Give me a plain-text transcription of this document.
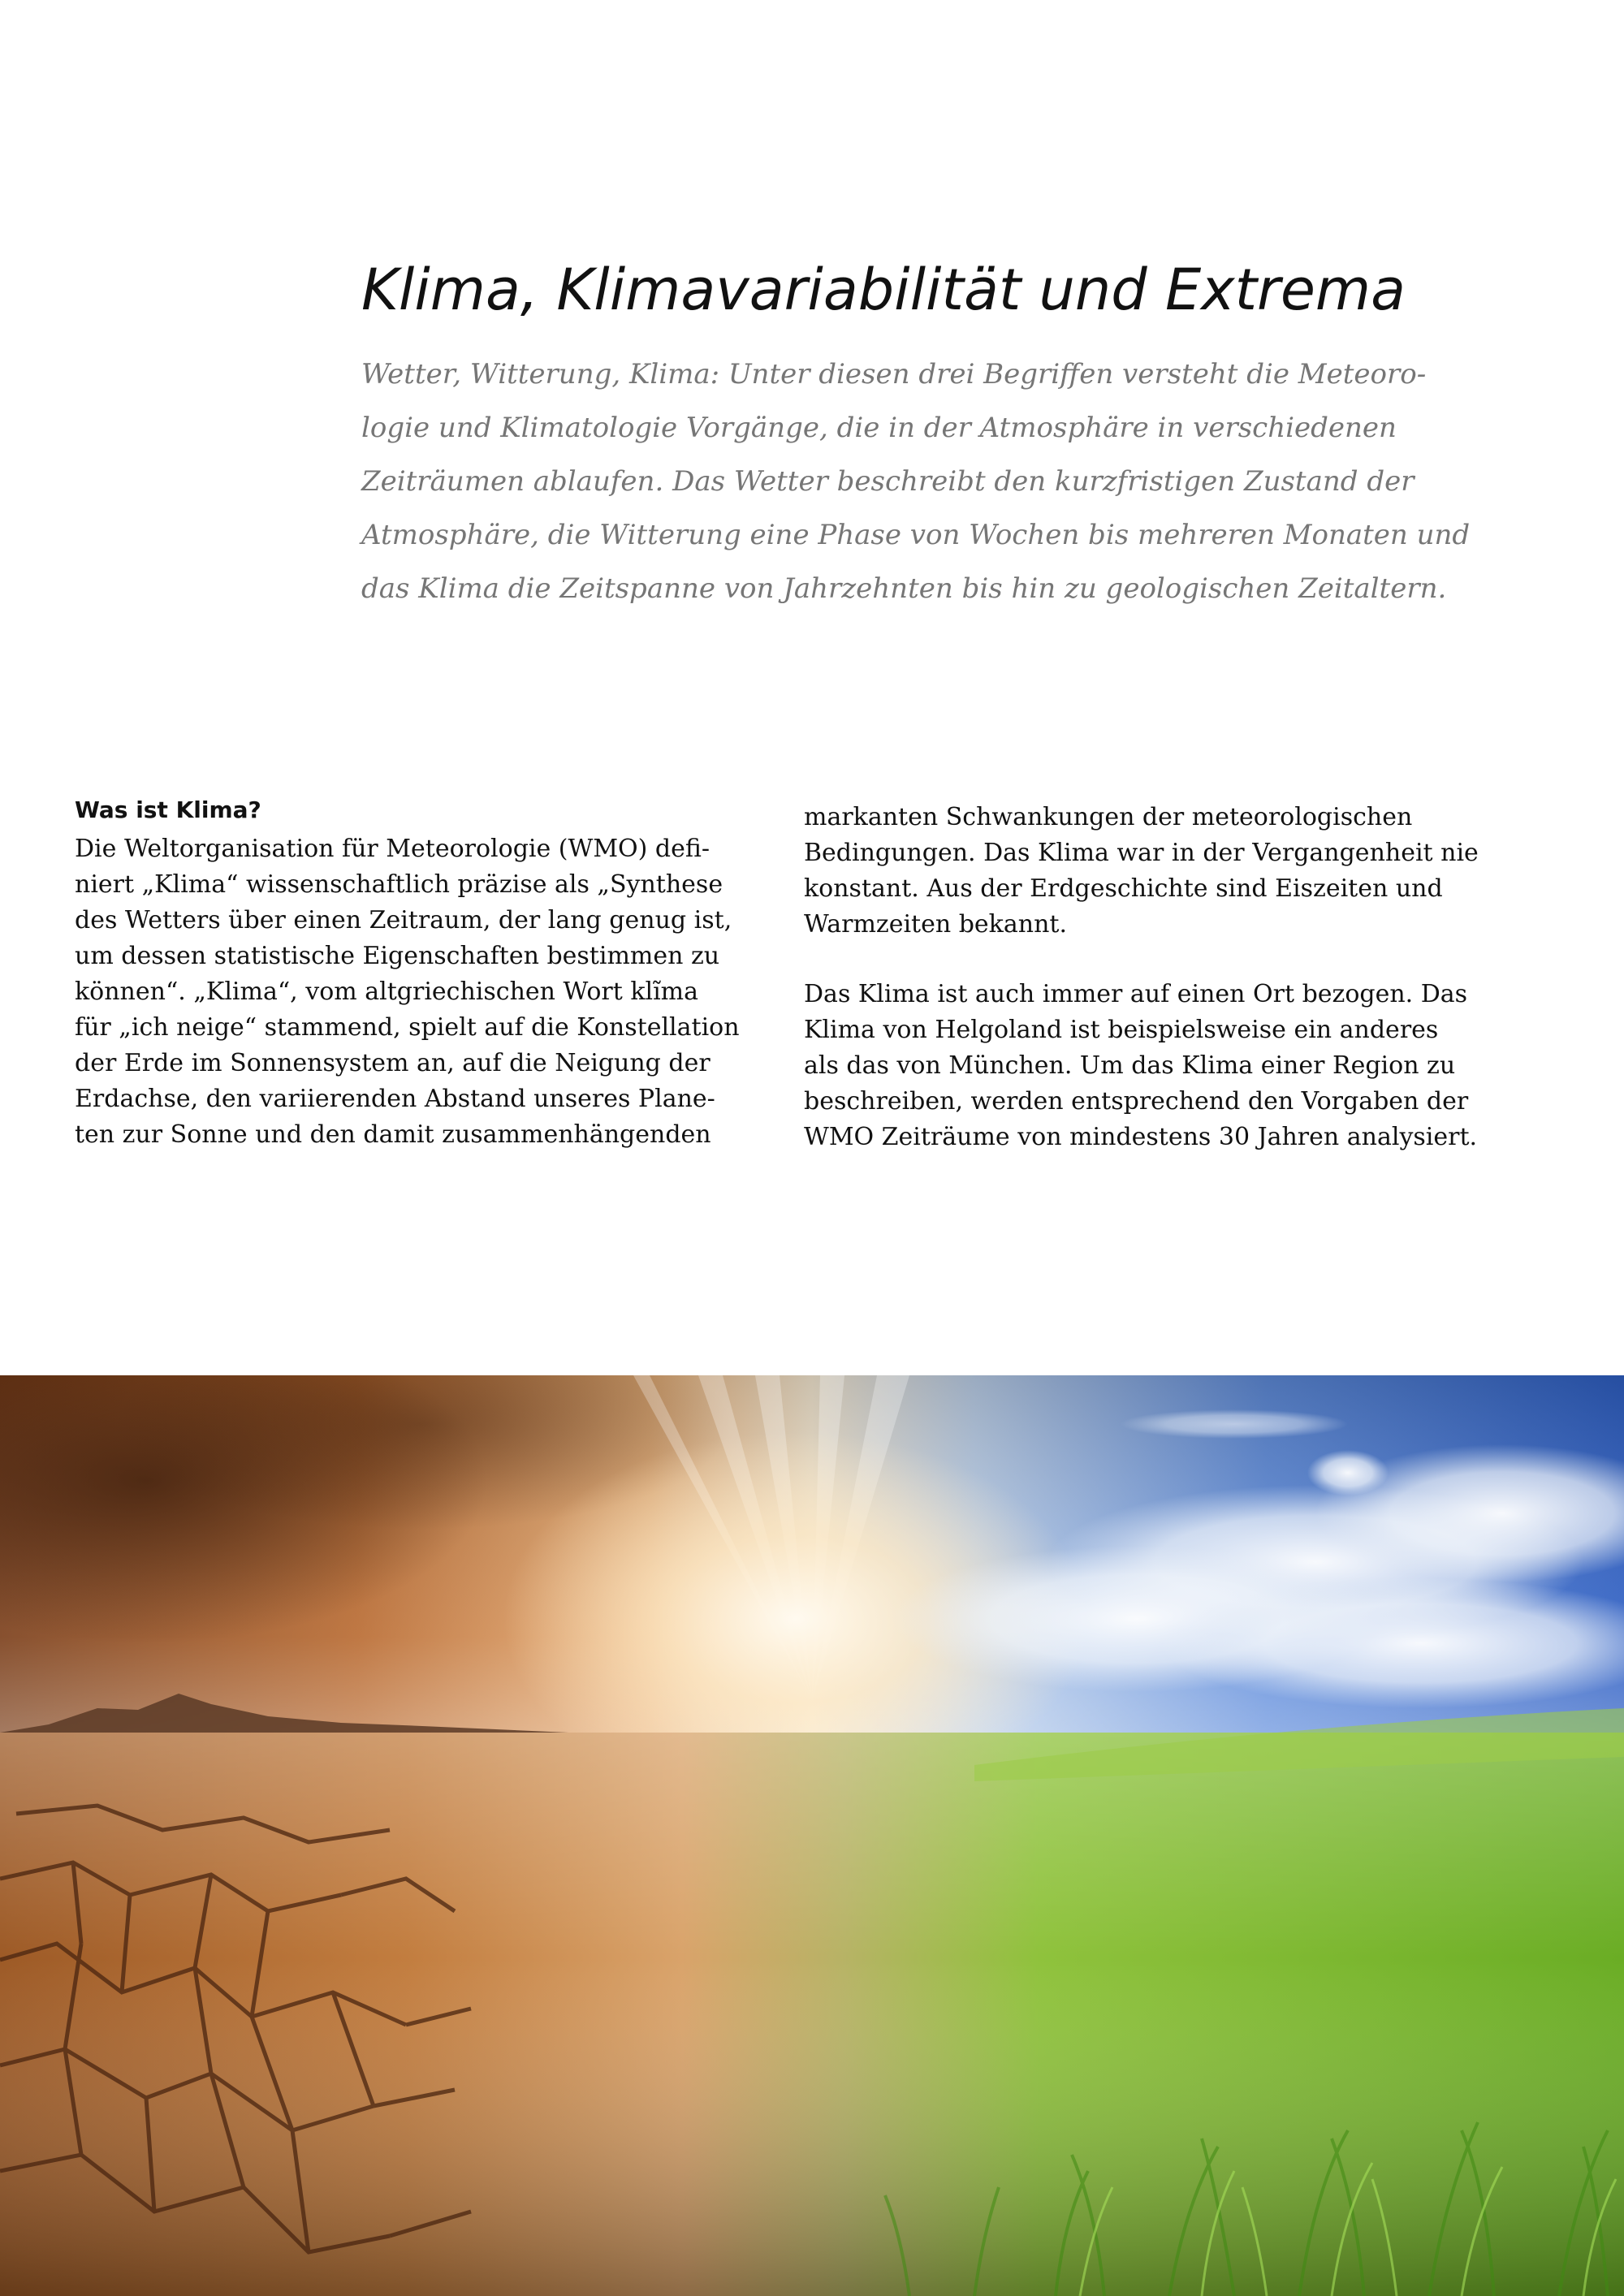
Klima, Klimavariabilität und Extrema
Wetter, Witterung, Klima: Unter diesen drei Begriffen versteht die Meteoro-
logie und Klimatologie Vorgänge, die in der Atmosphäre in verschiedenen
Zeiträumen ablaufen. Das Wetter beschreibt den kurzfristigen Zustand der
Atmosphäre, die Witterung eine Phase von Wochen bis mehreren Monaten und
das Klima die Zeitspanne von Jahrzehnten bis hin zu geologischen Zeitaltern.
Was ist Klima?
Die Weltorganisation für Meteorologie (WMO) defi-
niert „Klima“ wissenschaftlich präzise als „Synthese
des Wetters über einen Zeitraum, der lang genug ist,
um dessen statistische Eigenschaften bestimmen zu
können“. „Klima“, vom altgriechischen Wort klĩma
für „ich neige“ stammend, spielt auf die Konstellation
der Erde im Sonnensystem an, auf die Neigung der
Erdachse, den variierenden Abstand unseres Plane-
ten zur Sonne und den damit zusammenhängenden
markanten Schwankungen der meteorologischen
Bedingungen. Das Klima war in der Vergangenheit nie
konstant. Aus der Erdgeschichte sind Eiszeiten und
Warmzeiten bekannt.
Das Klima ist auch immer auf einen Ort bezogen. Das
Klima von Helgoland ist beispielsweise ein anderes
als das von München. Um das Klima einer Region zu
beschreiben, werden entsprechend den Vorgaben der
WMO Zeiträume von mindestens 30 Jahren analysiert.
